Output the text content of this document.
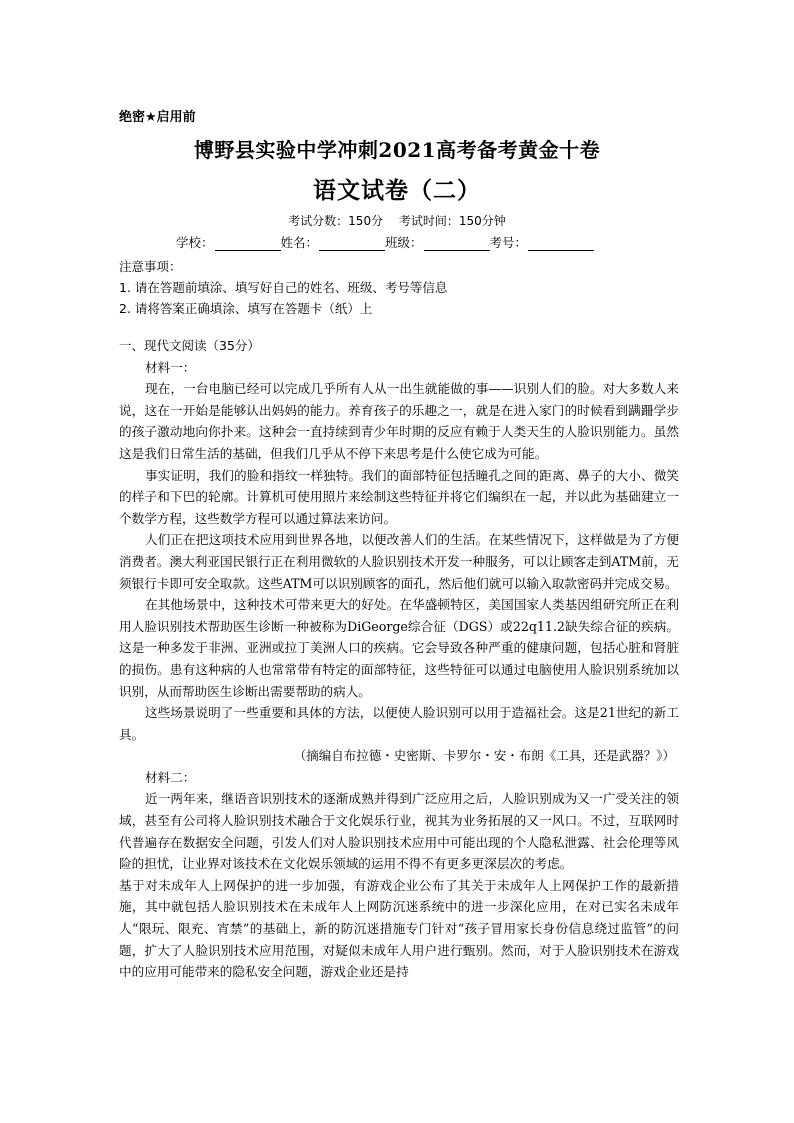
绝密★启用前
博野县实验中学冲刺2021高考备考黄金十卷
语文试卷（二）
考试分数：150分 考试时间：150分钟
学校：	姓名：	班级：	考号：
注意事项：
1. 请在答题前填涂、填写好自己的姓名、班级、考号等信息
2. 请将答案正确填涂、填写在答题卡（纸）上
一、现代文阅读（35分）
材料一：

现在，一台电脑已经可以完成几乎所有人从一出生就能做的事——识别人们的脸。对大多数人来说，这在一开始是能够认出妈妈的能力。养育孩子的乐趣之一，就是在进入家门的时候看到蹒跚学步的孩子激动地向你扑来。这种会一直持续到青少年时期的反应有赖于人类天生的人脸识别能力。虽然这是我们日常生活的基础，但我们几乎从不停下来思考是什么使它成为可能。

事实证明，我们的脸和指纹一样独特。我们的面部特征包括瞳孔之间的距离、鼻子的大小、微笑的样子和下巴的轮廓。计算机可使用照片来绘制这些特征并将它们编织在一起，并以此为基础建立一个数学方程，这些数学方程可以通过算法来访问。

人们正在把这项技术应用到世界各地，以便改善人们的生活。在某些情况下，这样做是为了方便消费者。澳大利亚国民银行正在利用微软的人脸识别技术开发一种服务，可以让顾客走到ATM前，无须银行卡即可安全取款。这些ATM可以识别顾客的面孔，然后他们就可以输入取款密码并完成交易。

在其他场景中，这种技术可带来更大的好处。在华盛顿特区，美国国家人类基因组研究所正在利用人脸识别技术帮助医生诊断一种被称为DiGeorge综合征（DGS）或22q11.2缺失综合征的疾病。这是一种多发于非洲、亚洲或拉丁美洲人口的疾病。它会导致各种严重的健康问题，包括心脏和肾脏的损伤。患有这种病的人也常常带有特定的面部特征，这些特征可以通过电脑使用人脸识别系统加以识别，从而帮助医生诊断出需要帮助的病人。

这些场景说明了一些重要和具体的方法，以便使人脸识别可以用于造福社会。这是21世纪的新工具。

（摘编自布拉德・史密斯、卡罗尔・安・布朗《工具，还是武器？》）
材料二：

近一两年来，继语音识别技术的逐渐成熟并得到广泛应用之后，人脸识别成为又一广受关注的领域，甚至有公司将人脸识别技术融合于文化娱乐行业，视其为业务拓展的又一风口。不过，互联网时代普遍存在数据安全问题，引发人们对人脸识别技术应用中可能出现的个人隐私泄露、社会伦理等风险的担忧，让业界对该技术在文化娱乐领域的运用不得不有更多更深层次的考虑。

基于对未成年人上网保护的进一步加强，有游戏企业公布了其关于未成年人上网保护工作的最新措施，其中就包括人脸识别技术在未成年人上网防沉迷系统中的进一步深化应用，在对已实名未成年人“限玩、限充、宵禁”的基础上，新的防沉迷措施专门针对“孩子冒用家长身份信息绕过监管”的问题，扩大了人脸识别技术应用范围，对疑似未成年人用户进行甄别。然而，对于人脸识别技术在游戏中的应用可能带来的隐私安全问题，游戏企业还是持
